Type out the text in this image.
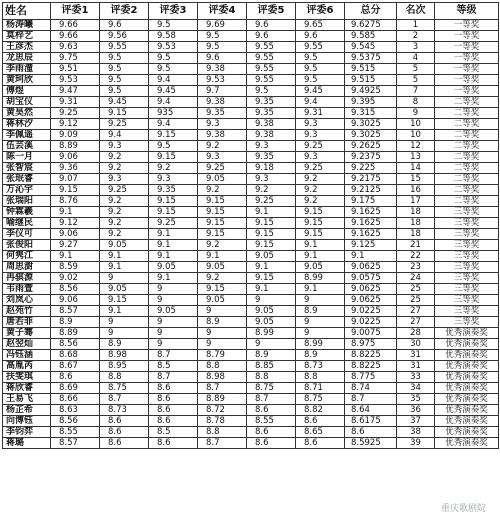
姓名	评委1	评委2	评委3	评委4	评委5	评委6	总分	名次	等级
杨涛曦	9.66	9.6	9.5	9.69	9.6	9.65	9.6275	1	一等奖
莫梓艺	9.66	9.56	9.58	9.5	9.6	9.6	9.585	2	一等奖
王彦杰	9.63	9.55	9.53	9.5	9.55	9.55	9.545	3	一等奖
龙思辰	9.75	9.5	9.5	9.6	9.55	9.5	9.5375	4	一等奖
李雨潼	9.51	9.5	9.5	9.38	9.55	9.5	9.515	5	一等奖
黄珂欣	9.53	9.5	9.4	9.53	9.55	9.5	9.515	5	一等奖
傅煜	9.47	9.5	9.45	9.7	9.5	9.45	9.4925	7	一等奖
胡宝仪	9.31	9.45	9.4	9.38	9.35	9.4	9.395	8	二等奖
黄昊然	9.25	9.15	935	9.35	9.35	9.31	9.315	9	二等奖
蒋林汐	9.12	9.25	9.4	9.3	9.38	9.3	9.3025	10	二等奖
李佩遥	9.09	9.4	9.15	9.38	9.38	9.3	9.3025	10	二等奖
伍芸溪	8.89	9.3	9.5	9.2	9.3	9.25	9.2625	12	二等奖
陈一月	9.06	9.2	9.15	9.3	9.35	9.3	9.2375	13	二等奖
张智宸	9.36	9.2	9.2	9.25	9.18	9.25	9.225	14	二等奖
张珉睿	9.07	9.3	9.3	9.05	9.3	9.2	9.2175	15	二等奖
万沁宇	9.15	9.25	9.35	9.2	9.2	9.2	9.2125	16	二等奖
张瑞阳	8.76	9.2	9.15	9.15	9.25	9.2	9.175	17	二等奖
钟霖羲	9.1	9.2	9.15	9.15	9.1	9.15	9.1625	18	三等奖
喻继民	9.12	9.2	9.25	9.15	9.15	9.15	9.1625	18	三等奖
李仪可	9.06	9.2	9.1	9.15	9.15	9.15	9.1625	18	三等奖
张俊阳	9.27	9.05	9.1	9.2	9.15	9.1	9.125	21	三等奖
何隽江	9.1	9.1	9.1	9.1	9.05	9.1	9.1	22	三等奖
周思澍	8.59	9.1	9.05	9.05	9.1	9.05	9.0625	23	三等奖
冉骐源	9.02	9	9.1	9.2	9.15	8.99	9.0575	24	三等奖
韦雨萱	8.56	9.05	9	9.15	9.1	9.1	9.0625	25	三等奖
刘岚心	9.06	9.15	9	9.05	9	9	9.0625	25	三等奖
赵苑竹	8.57	9.1	9.05	9	9.05	8.9	9.0225	27	三等奖
唐若菲	8.9	9	9	8.9	9.05	9	9.0225	27	三等奖
黄子骞	8.89	9	9	9	8.99	9	9.0075	28	优秀演奏奖
赵翌灿	8.56	8.9	9	9	9	8.99	8.975	30	优秀演奏奖
冯钰涵	8.68	8.98	8.7	8.79	8.9	8.9	8.8225	31	优秀演奏奖
高胤芮	8.67	8.95	8.5	8.8	8.85	8.73	8.8225	31	优秀演奏奖
扶雯琪	8.6	8.8	8.7	8.98	8.8	8.8	8.775	33	优秀演奏奖
蒋欣睿	8.69	8.75	8.6	8.7	8.75	8.71	8.74	34	优秀演奏奖
王易飞	8.66	8.7	8.6	8.89	8.7	8.75	8.7	35	优秀演奏奖
杨芷希	8.63	8.73	8.6	8.72	8.6	8.82	8.64	36	优秀演奏奖
向博钰	8.56	8.6	8.6	8.78	8.55	8.6	8.6175	37	优秀演奏奖
李钧弈	8.55	8.6	8.5	8.8	8.6	8.65	8.6	38	优秀演奏奖
蒋璐	8.57	8.6	8.6	8.7	8.6	8.6	8.5925	39	优秀演奏奖
重庆歌剧院
